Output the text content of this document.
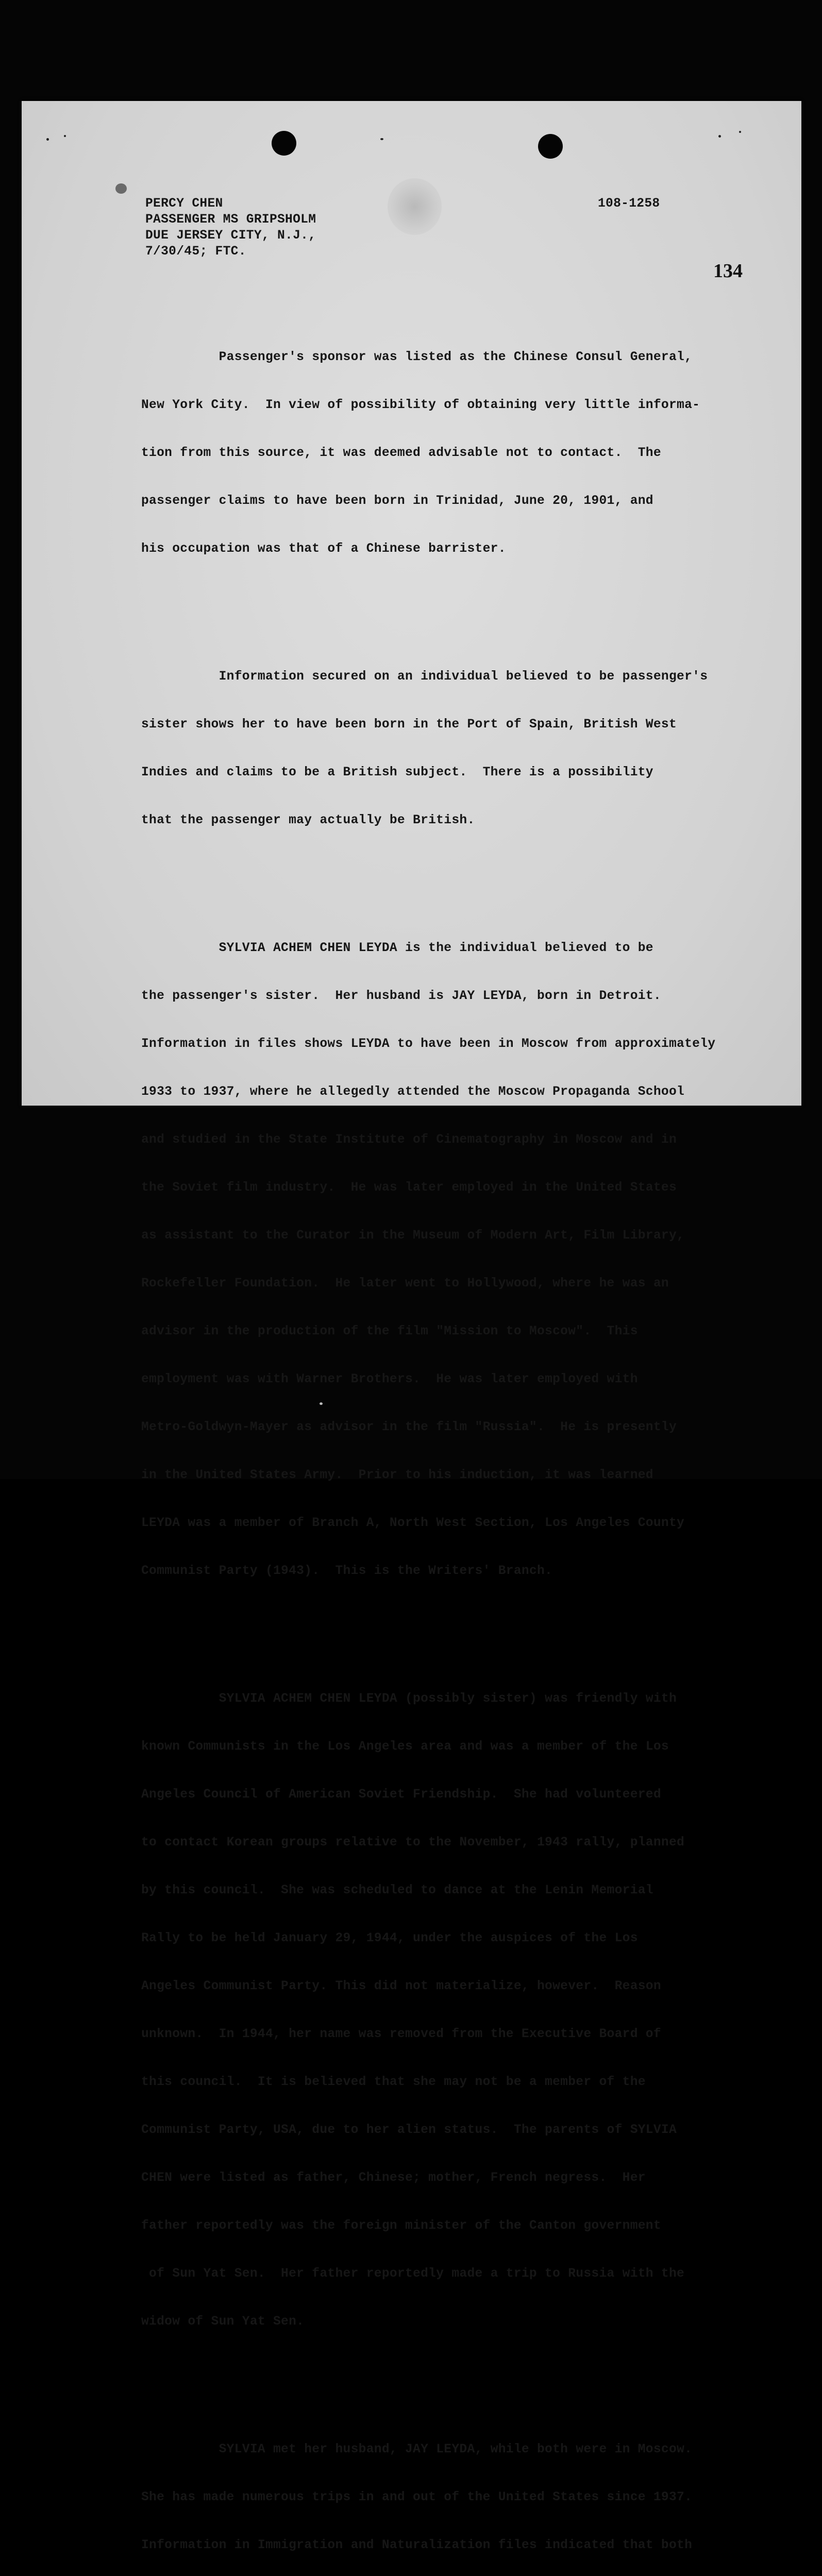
PERCY CHEN
PASSENGER MS GRIPSHOLM
DUE JERSEY CITY, N.J.,
7/30/45; FTC.
108-1258
134

Passenger's sponsor was listed as the Chinese Consul General,

New York City.  In view of possibility of obtaining very little informa-

tion from this source, it was deemed advisable not to contact.  The

passenger claims to have been born in Trinidad, June 20, 1901, and

his occupation was that of a Chinese barrister.

Information secured on an individual believed to be passenger's

sister shows her to have been born in the Port of Spain, British West

Indies and claims to be a British subject.  There is a possibility

that the passenger may actually be British.

SYLVIA ACHEM CHEN LEYDA is the individual believed to be

the passenger's sister.  Her husband is JAY LEYDA, born in Detroit.

Information in files shows LEYDA to have been in Moscow from approximately

1933 to 1937, where he allegedly attended the Moscow Propaganda School

and studied in the State Institute of Cinematography in Moscow and in

the Soviet film industry.  He was later employed in the United States

as assistant to the Curator in the Museum of Modern Art, Film Library,

Rockefeller Foundation.  He later went to Hollywood, where he was an

advisor in the production of the film "Mission to Moscow".  This

employment was with Warner Brothers.  He was later employed with

Metro-Goldwyn-Mayer as advisor in the film "Russia".  He is presently

in the United States Army.  Prior to his induction, it was learned

LEYDA was a member of Branch A, North West Section, Los Angeles County

Communist Party (1943).  This is the Writers' Branch.

SYLVIA ACHEM CHEN LEYDA (possibly sister) was friendly with

known Communists in the Los Angeles area and was a member of the Los

Angeles Council of American Soviet Friendship.  She had volunteered

to contact Korean groups relative to the November, 1943 rally, planned

by this council.  She was scheduled to dance at the Lenin Memorial

Rally to be held January 29, 1944, under the auspices of the Los

Angeles Communist Party. This did not materialize, however.  Reason

unknown.  In 1944, her name was removed from the Executive Board of

this council.  It is believed that she may not be a member of the

Communist Party, USA, due to her alien status.  The parents of SYLVIA

CHEN were listed as father, Chinese; mother, French negress.  Her

father reportedly was the foreign minister of the Canton government

of Sun Yat Sen.  Her father reportedly made a trip to Russia with the

widow of Sun Yat Sen.

SYLVIA met her husband, JAY LEYDA, while both were in Moscow.

She has made numerous trips in and out of the United States since 1937.

Information in Immigration and Naturalization files indicated that both
